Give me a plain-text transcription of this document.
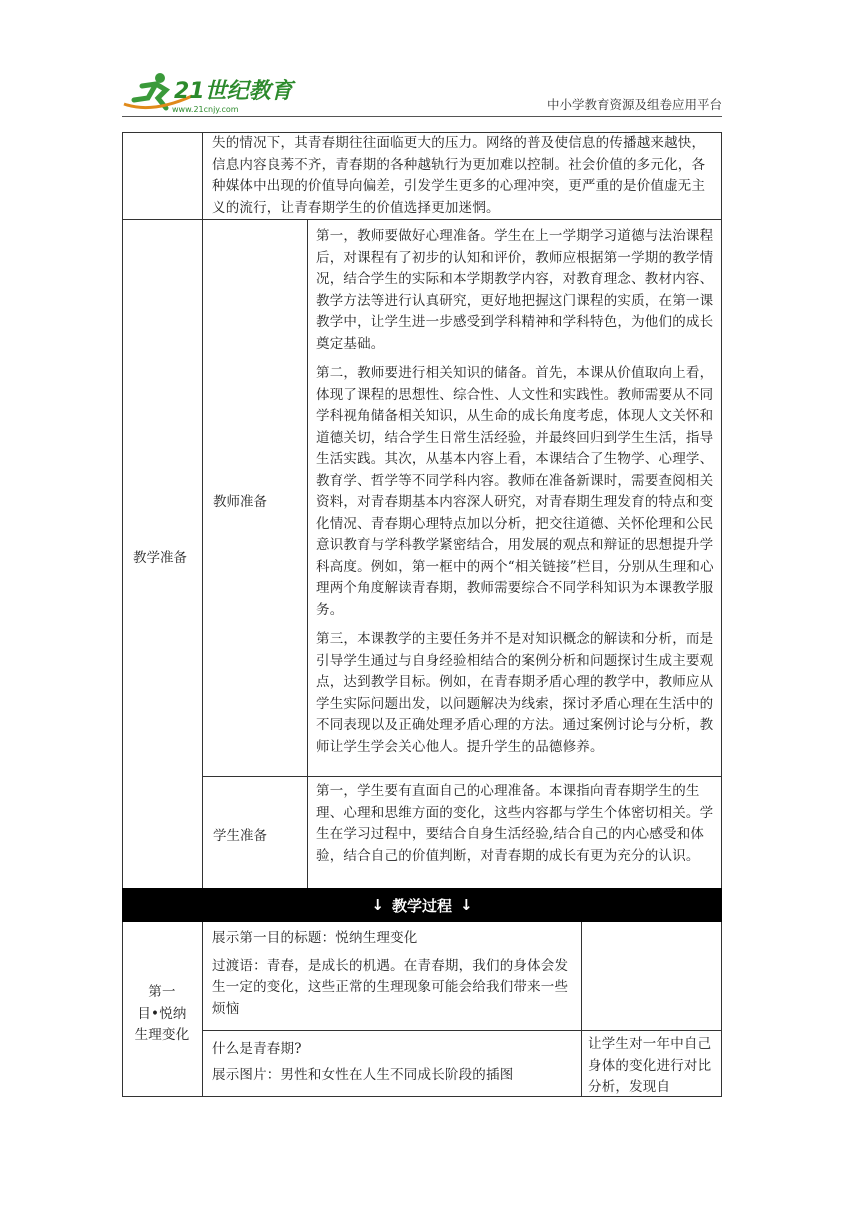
21世纪教育
www.21cnjy.com	中小学教育资源及组卷应用平台
失的情况下，其青春期往往面临更大的压力。网络的普及使信息的传播越来越快，信息内容良莠不齐，青春期的各种越轨行为更加难以控制。社会价值的多元化，各种媒体中出现的价值导向偏差，引发学生更多的心理冲突，更严重的是价值虚无主义的流行，让青春期学生的价值选择更加迷惘。
教学准备
教师准备

第一，教师要做好心理准备。学生在上一学期学习道德与法治课程后，对课程有了初步的认知和评价，教师应根据第一学期的教学情况，结合学生的实际和本学期教学内容，对教育理念、教材内容、教学方法等进行认真研究，更好地把握这门课程的实质，在第一课教学中，让学生进一步感受到学科精神和学科特色，为他们的成长奠定基础。

第二，教师要进行相关知识的储备。首先，本课从价值取向上看，体现了课程的思想性、综合性、人文性和实践性。教师需要从不同学科视角储备相关知识，从生命的成长角度考虑，体现人文关怀和道德关切，结合学生日常生活经验，并最终回归到学生生活，指导生活实践。其次，从基本内容上看，本课结合了生物学、心理学、教育学、哲学等不同学科内容。教师在准备新课时，需要查阅相关资料，对青春期基本内容深人研究，对青春期生理发育的特点和变化情况、青春期心理特点加以分析，把交往道德、关怀伦理和公民意识教育与学科教学紧密结合，用发展的观点和辩证的思想提升学科高度。例如，第一框中的两个“相关链接”栏目，分别从生理和心理两个角度解读青春期，教师需要综合不同学科知识为本课教学服务。

第三，本课教学的主要任务并不是对知识概念的解读和分析，而是引导学生通过与自身经验相结合的案例分析和问题探讨生成主要观点，达到教学目标。例如，在青春期矛盾心理的教学中，教师应从学生实际问题出发，以问题解决为线索，探讨矛盾心理在生活中的不同表现以及正确处理矛盾心理的方法。通过案例讨论与分析，教师让学生学会关心他人。提升学生的品德修养。

学生准备
第一，学生要有直面自己的心理准备。本课指向青春期学生的生理、心理和思维方面的变化，这些内容都与学生个体密切相关。学生在学习过程中，要结合自身生活经验,结合自己的内心感受和体验，结合自己的价值判断，对青春期的成长有更为充分的认识。
↓ 教学过程 ↓
第一
目•悦纳
生理变化

展示第一目的标题：悦纳生理变化

过渡语：青春，是成长的机遇。在青春期，我们的身体会发生一定的变化，这些正常的生理现象可能会给我们带来一些烦恼

什么是青春期?

展示图片：男性和女性在人生不同成长阶段的插图

让学生对一年中自己身体的变化进行对比分析，发现自
